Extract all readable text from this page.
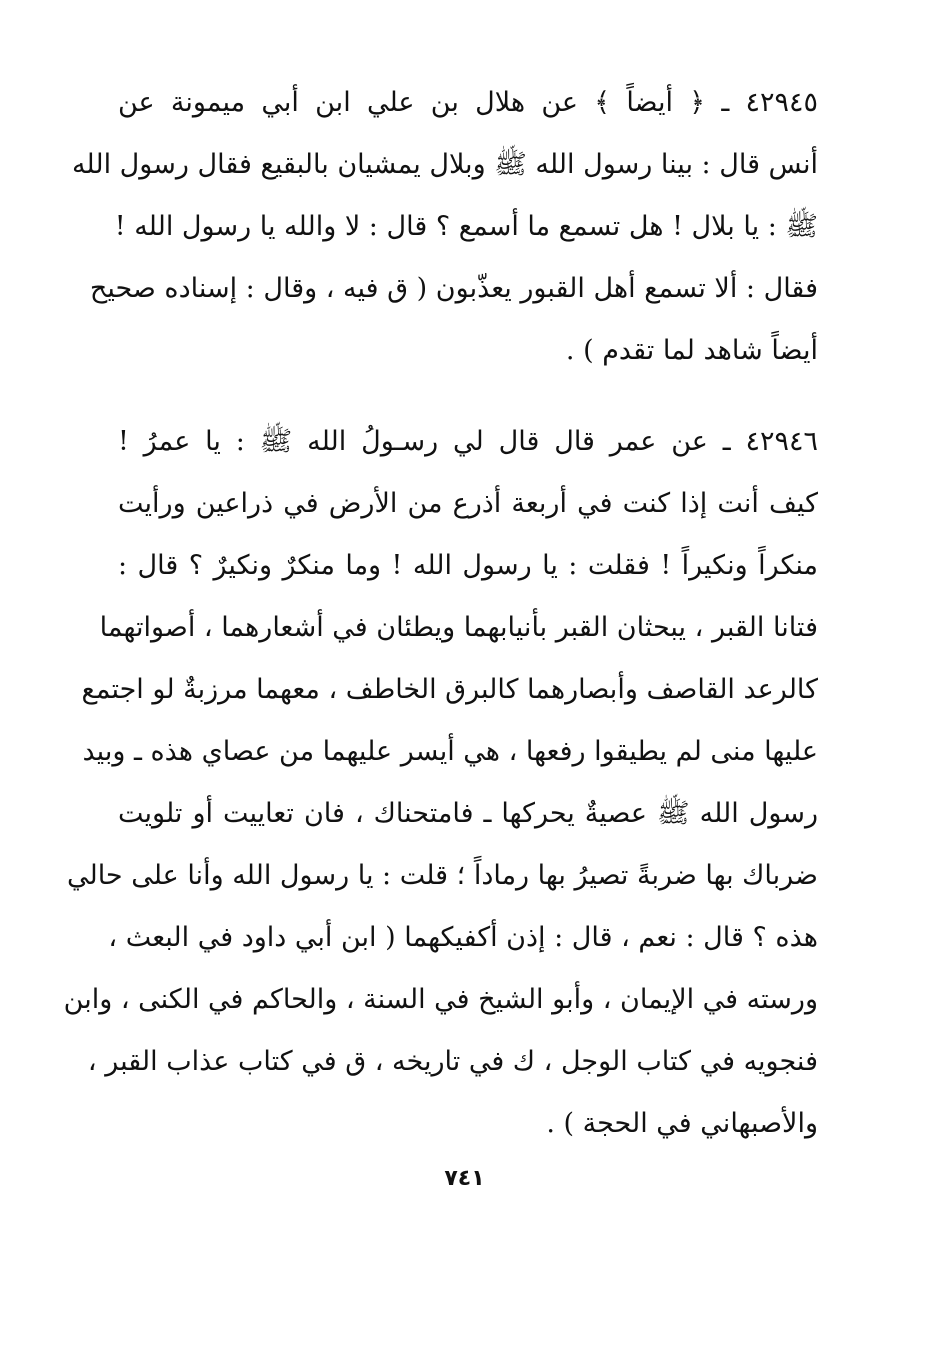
٤٢٩٤٥ ـ ﴿ أيضاً ﴾ عن هلال بن علي ابن أبي ميمونة عن
أنس قال : بينا رسول الله ﷺ وبلال يمشيان بالبقيع فقال رسول الله
ﷺ : يا بلال ! هل تسمع ما أسمع ؟ قال : لا والله يا رسول الله !
فقال : ألا تسمع أهل القبور يعذّبون ( ق فيه ، وقال : إسناده صحيح
أيضاً شاهد لما تقدم ) .
٤٢٩٤٦ ـ عن عمر قال قال لي رسـولُ الله ﷺ : يا عمرُ !
كيف أنت إذا كنت في أربعة أذرع من الأرض في ذراعين ورأيت
منكراً ونكيراً ! فقلت : يا رسول الله ! وما منكرٌ ونكيرٌ ؟ قال :
فتانا القبر ، يبحثان القبر بأنيابهما ويطئان في أشعارهما ، أصواتهما
كالرعد القاصف وأبصارهما كالبرق الخاطف ، معهما مرزبةٌ لو اجتمع
عليها منى لم يطيقوا رفعها ، هي أيسر عليهما من عصاي هذه ـ وبيد
رسول الله ﷺ عصيةٌ يحركها ـ فامتحناك ، فان تعاييت أو تلويت
ضرباك بها ضربةً تصيرُ بها رماداً ؛ قلت : يا رسول الله وأنا على حالي
هذه ؟ قال : نعم ، قال : إذن أكفيكهما ( ابن أبي داود في البعث ،
ورسته في الإيمان ، وأبو الشيخ في السنة ، والحاكم في الكنى ، وابن
فنجويه في كتاب الوجل ، ك في تاريخه ، ق في كتاب عذاب القبر ،
والأصبهاني في الحجة ) .
٧٤١
